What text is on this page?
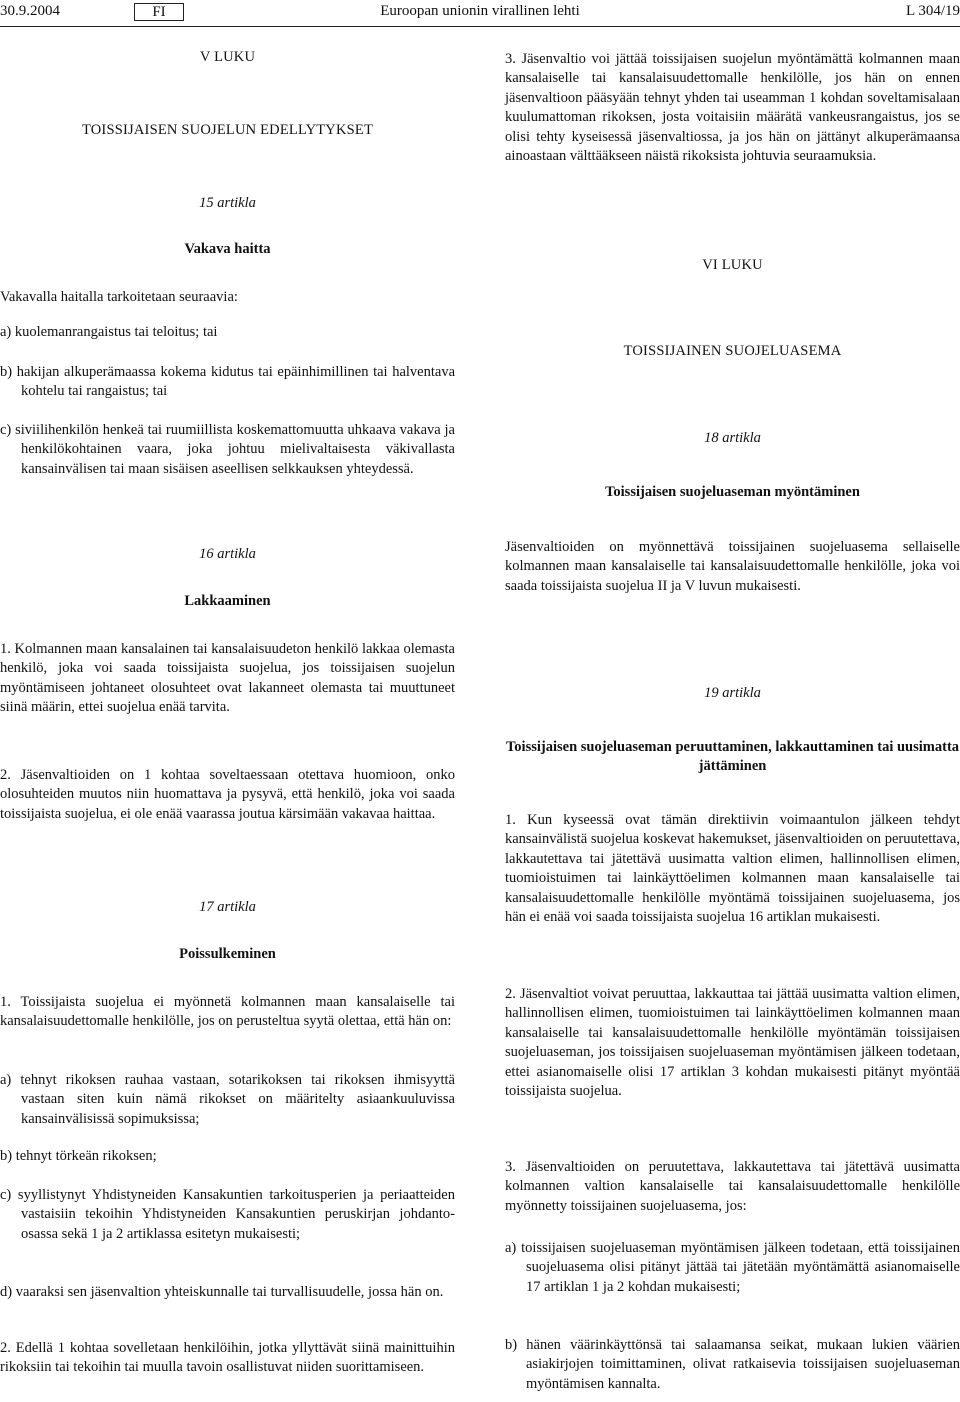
30.9.2004	Euroopan unionin virallinen lehti
FI	L 304/19

V LUKU

TOISSIJAISEN SUOJELUN EDELLYTYKSET

15 artikla

Vakava haitta

Vakavalla haitalla tarkoitetaan seuraavia:

a) kuolemanrangaistus tai teloitus; tai

b) hakijan alkuperämaassa kokema kidutus tai epäinhimillinen tai halventava kohtelu tai rangaistus; tai

c) siviilihenkilön henkeä tai ruumiillista koskemattomuutta uhkaava vakava ja henkilökohtainen vaara, joka johtuu mielivaltaisesta väkivallasta kansainvälisen tai maan sisäisen aseellisen selkkauksen yhteydessä.

16 artikla

Lakkaaminen

1. Kolmannen maan kansalainen tai kansalaisuudeton henkilö lakkaa olemasta henkilö, joka voi saada toissijaista suojelua, jos toissijaisen suojelun myöntämiseen johtaneet olosuhteet ovat lakanneet olemasta tai muuttuneet siinä määrin, ettei suojelua enää tarvita.

2. Jäsenvaltioiden on 1 kohtaa soveltaessaan otettava huomioon, onko olosuhteiden muutos niin huomattava ja pysyvä, että henkilö, joka voi saada toissijaista suojelua, ei ole enää vaarassa joutua kärsimään vakavaa haittaa.

17 artikla

Poissulkeminen

1. Toissijaista suojelua ei myönnetä kolmannen maan kansalaiselle tai kansalaisuudettomalle henkilölle, jos on perusteltua syytä olettaa, että hän on:

a) tehnyt rikoksen rauhaa vastaan, sotarikoksen tai rikoksen ihmisyyttä vastaan siten kuin nämä rikokset on määritelty asiaankuuluvissa kansainvälisissä sopimuksissa;

b) tehnyt törkeän rikoksen;

c) syyllistynyt Yhdistyneiden Kansakuntien tarkoitusperien ja periaatteiden vastaisiin tekoihin Yhdistyneiden Kansakuntien peruskirjan johdanto-osassa sekä 1 ja 2 artiklassa esitetyn mukaisesti;

d) vaaraksi sen jäsenvaltion yhteiskunnalle tai turvallisuudelle, jossa hän on.

2. Edellä 1 kohtaa sovelletaan henkilöihin, jotka yllyttävät siinä mainittuihin rikoksiin tai tekoihin tai muulla tavoin osallistuvat niiden suorittamiseen.

3. Jäsenvaltio voi jättää toissijaisen suojelun myöntämättä kolmannen maan kansalaiselle tai kansalaisuudettomalle henkilölle, jos hän on ennen jäsenvaltioon pääsyään tehnyt yhden tai useamman 1 kohdan soveltamisalaan kuulumattoman rikoksen, josta voitaisiin määrätä vankeusrangaistus, jos se olisi tehty kyseisessä jäsenvaltiossa, ja jos hän on jättänyt alkuperämaansa ainoastaan välttääkseen näistä rikoksista johtuvia seuraamuksia.

VI LUKU

TOISSIJAINEN SUOJELUASEMA

18 artikla

Toissijaisen suojeluaseman myöntäminen

Jäsenvaltioiden on myönnettävä toissijainen suojeluasema sellaiselle kolmannen maan kansalaiselle tai kansalaisuudettomalle henkilölle, joka voi saada toissijaista suojelua II ja V luvun mukaisesti.

19 artikla

Toissijaisen suojeluaseman peruuttaminen, lakkauttaminen tai uusimatta jättäminen

1. Kun kyseessä ovat tämän direktiivin voimaantulon jälkeen tehdyt kansainvälistä suojelua koskevat hakemukset, jäsenvaltioiden on peruutettava, lakkautettava tai jätettävä uusimatta valtion elimen, hallinnollisen elimen, tuomioistuimen tai lainkäyttöelimen kolmannen maan kansalaiselle tai kansalaisuudettomalle henkilölle myöntämä toissijainen suojeluasema, jos hän ei enää voi saada toissijaista suojelua 16 artiklan mukaisesti.

2. Jäsenvaltiot voivat peruuttaa, lakkauttaa tai jättää uusimatta valtion elimen, hallinnollisen elimen, tuomioistuimen tai lainkäyttöelimen kolmannen maan kansalaiselle tai kansalaisuudettomalle henkilölle myöntämän toissijaisen suojeluaseman, jos toissijaisen suojeluaseman myöntämisen jälkeen todetaan, ettei asianomaiselle olisi 17 artiklan 3 kohdan mukaisesti pitänyt myöntää toissijaista suojelua.

3. Jäsenvaltioiden on peruutettava, lakkautettava tai jätettävä uusimatta kolmannen valtion kansalaiselle tai kansalaisuudettomalle henkilölle myönnetty toissijainen suojeluasema, jos:

a) toissijaisen suojeluaseman myöntämisen jälkeen todetaan, että toissijainen suojeluasema olisi pitänyt jättää tai jätetään myöntämättä asianomaiselle 17 artiklan 1 ja 2 kohdan mukaisesti;

b) hänen väärinkäyttönsä tai salaamansa seikat, mukaan lukien väärien asiakirjojen toimittaminen, olivat ratkaisevia toissijaisen suojeluaseman myöntämisen kannalta.
